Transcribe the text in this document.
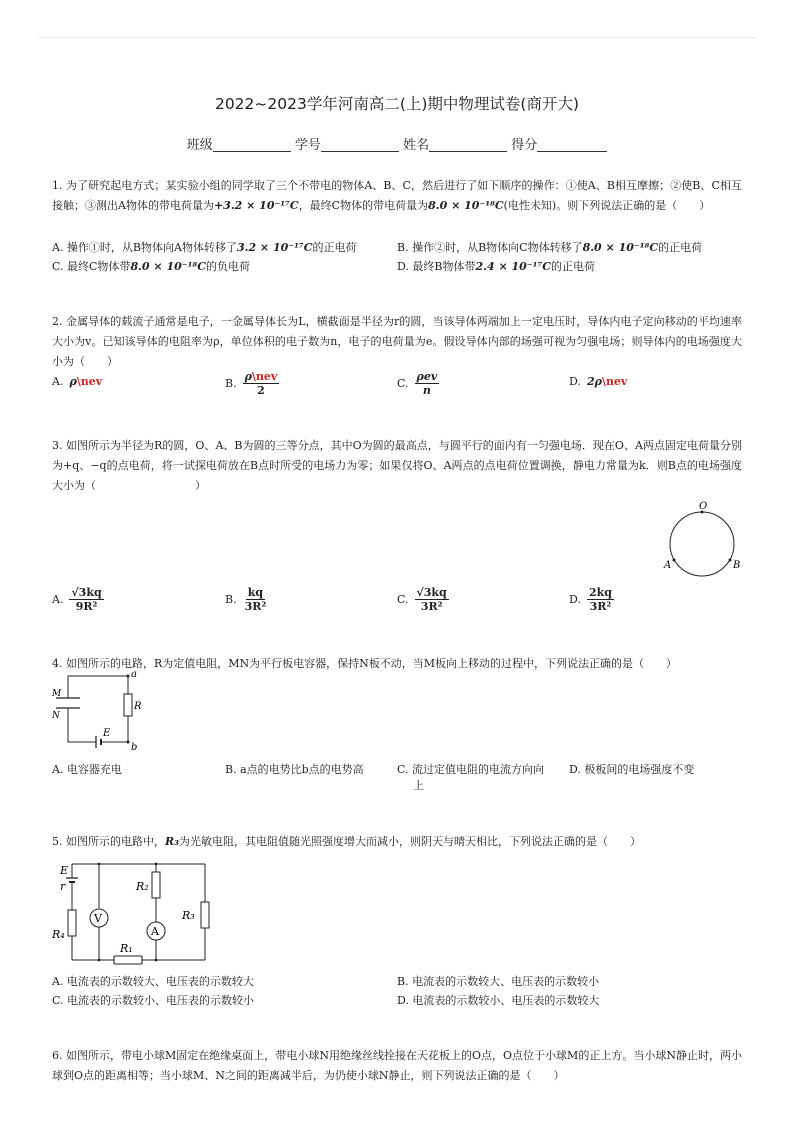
2022~2023学年河南高二(上)期中物理试卷(商开大)
班级	学号	姓名	得分
1. 为了研究起电方式；某实验小组的同学取了三个不带电的物体A、B、C，然后进行了如下顺序的操作：①使A、B相互摩擦；②使B、C相互接触；③测出A物体的带电荷量为+3.2 × 10⁻¹⁷C，最终C物体的带电荷量为8.0 × 10⁻¹⁸C(电性未知)。则下列说法正确的是（　　）
A. 操作①时，从B物体向A物体转移了3.2 × 10⁻¹⁷C的正电荷	B. 操作②时，从B物体向C物体转移了8.0 × 10⁻¹⁸C的正电荷
C. 最终C物体带8.0 × 10⁻¹⁸C的负电荷	D. 最终B物体带2.4 × 10⁻¹⁷C的正电荷
2. 金属导体的载流子通常是电子，一金属导体长为L，横截面是半径为r的圆，当该导体两端加上一定电压时，导体内电子定向移动的平均速率大小为v。已知该导体的电阻率为ρ，单位体积的电子数为n，电子的电荷量为e。假设导体内部的场强可视为匀强电场；则导体内的电场强度大小为（　　）
A. ρ\nev	B. $\frac{\text{ρ\textbackslash{}nev}}{2}$	C. $\frac{\text{ρev}}{n}$	D. 2ρ\nev
3. 如图所示为半径为R的圆，O、A、B为圆的三等分点，其中O为圆的最高点，与圆平行的面内有一匀强电场．现在O、A两点固定电荷量分别为+q、−q的点电荷，将一试探电荷放在B点时所受的电场力为零；如果仅将O、A两点的点电荷位置调换，静电力常量为k．则B点的电场强度大小为（　　　　　　　　　）
O
A	B
A. $\frac{√3kq}{\text{9R²}}$	B. $\frac{kq}{\text{3R²}}$	C. $\frac{√3kq}{\text{3R²}}$	D. $\frac{2kq}{\text{3R²}}$
4. 如图所示的电路，R为定值电阻，MN为平行板电容器，保持N板不动，当M板向上移动的过程中，下列说法正确的是（　　）
a
b
R
M
N
E
A. 电容器充电	B. a点的电势比b点的电势高	C. 流过定值电阻的电流方向向
上
D. 极板间的电场强度不变
5. 如图所示的电路中，R₃为光敏电阻，其电阻值随光照强度增大而减小，则阴天与晴天相比，下列说法正确的是（　　）
E
r
V
A
R₁
R₂
R₃
R₄
A. 电流表的示数较大、电压表的示数较大	B. 电流表的示数较大、电压表的示数较小
C. 电流表的示数较小、电压表的示数较小	D. 电流表的示数较小、电压表的示数较大
6. 如图所示，带电小球M固定在绝缘桌面上，带电小球N用绝缘丝线拴接在天花板上的O点，O点位于小球M的正上方。当小球N静止时，两小球到O点的距离相等；当小球M、N之间的距离减半后，为仍使小球N静止，则下列说法正确的是（　　）
